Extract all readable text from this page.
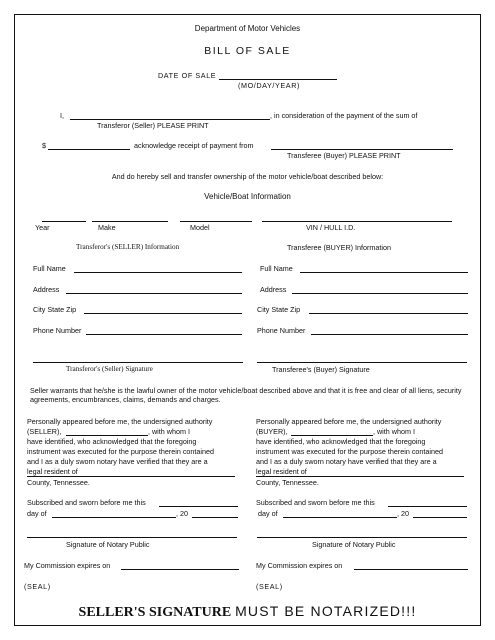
Department of Motor Vehicles
BILL OF SALE
DATE OF SALE
(MO/DAY/YEAR)
I,	, in consideration of the payment of the sum of
Transferor (Seller) PLEASE PRINT
$	acknowledge receipt of payment from
Transferee (Buyer) PLEASE PRINT
And do hereby sell and transfer ownership of the motor vehicle/boat described below:
Vehicle/Boat Information
Year	Make	Model	VIN / HULL I.D.
Transferor's (SELLER) Information
Full Name
Address
City State Zip
Phone Number
Transferor's (Seller) Signature
Transferee (BUYER) Information
Full Name
Address
City State Zip
Phone Number
Transferee's (Buyer) Signature
Seller warrants that he/she is the lawful owner of the motor vehicle/boat described above and that it is free and clear of all liens, security agreements, encumbrances, claims, demands and charges.
Personally appeared before me, the undersigned authority
(SELLER),	, with whom I
have identified, who acknowledged that the foregoing
instrument was executed for the purpose therein contained
and I as a duly sworn notary have verified that they are a
legal resident of
County, Tennessee.
Subscribed and sworn before me this
day of	, 20
Signature of Notary Public
My Commission expires on
(SEAL)
Personally appeared before me, the undersigned authority
(BUYER),	, with whom I
have identified, who acknowledged that the foregoing
instrument was executed for the purpose therein contained
and I as a duly sworn notary have verified that they are a
legal resident of
County, Tennessee.
Subscribed and sworn before me this
day of	, 20
Signature of Notary Public
My Commission expires on
(SEAL)
SELLER'S SIGNATURE MUST BE NOTARIZED!!!
